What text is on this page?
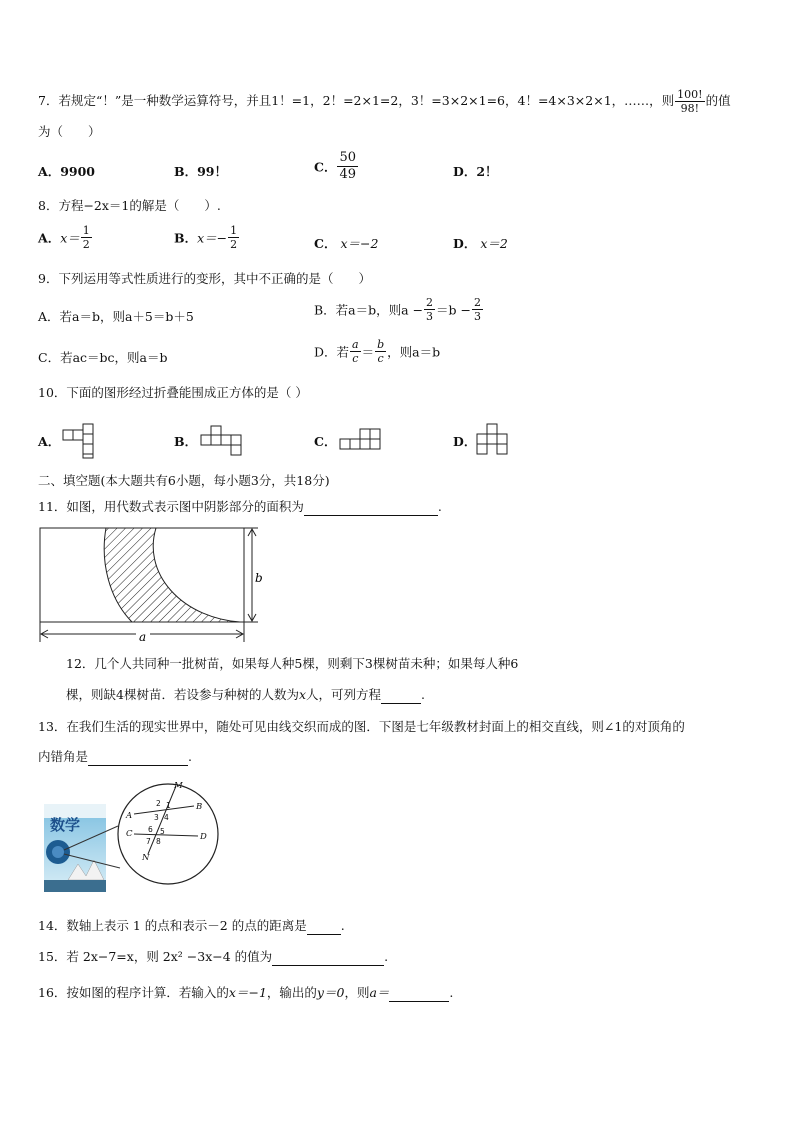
7．若规定“！”是一种数学运算符号，并且1！=1，2！=2×1=2，3！=3×2×1=6，4！=4×3×2×1，……，则 $\frac{100!}{98!}$ 的值
为（　　）
A．9900	B．99！	C． $\frac{50}{49}$	D．2！
8．方程−2x＝1的解是（　　）.
A．$x= \frac{1}{2}$	B．$x=- \frac{1}{2}$	C． x＝−2	D． x＝2
9．下列运用等式性质进行的变形，其中不正确的是（　　）
A．若a＝b，则a＋5＝b＋5	B．若a＝b，则$a - \frac{2}{3} =b - \frac{2}{3}$
C．若ac＝bc，则a＝b	D．若 $\frac{a}{c} = \frac{b}{c}$ ，则a＝b
10．下面的图形经过折叠能围成正方体的是（ ）
A．	B．	C．	D．
二、填空题(本大题共有6小题，每小题3分，共18分)
11．如图，用代数式表示图中阴影部分的面积为	.
a
b
12．几个人共同种一批树苗，如果每人种5棵，则剩下3棵树苗未种；如果每人种6
棵，则缺4棵树苗．若设参与种树的人数为x人，可列方程	.
13．在我们生活的现实世界中，随处可见由线交织而成的图．下图是七年级教材封面上的相交直线，则∠1的对顶角的
内错角是	.
数学
M
A
B
C	D
N
1
2
3 4
5
6
7 8
14．数轴上表示 1 的点和表示－2 的点的距离是	.
15．若 2x−7=x，则 2x² −3x−4 的值为	.
16．按如图的程序计算．若输入的x＝−1，输出的y＝0，则a＝	.
